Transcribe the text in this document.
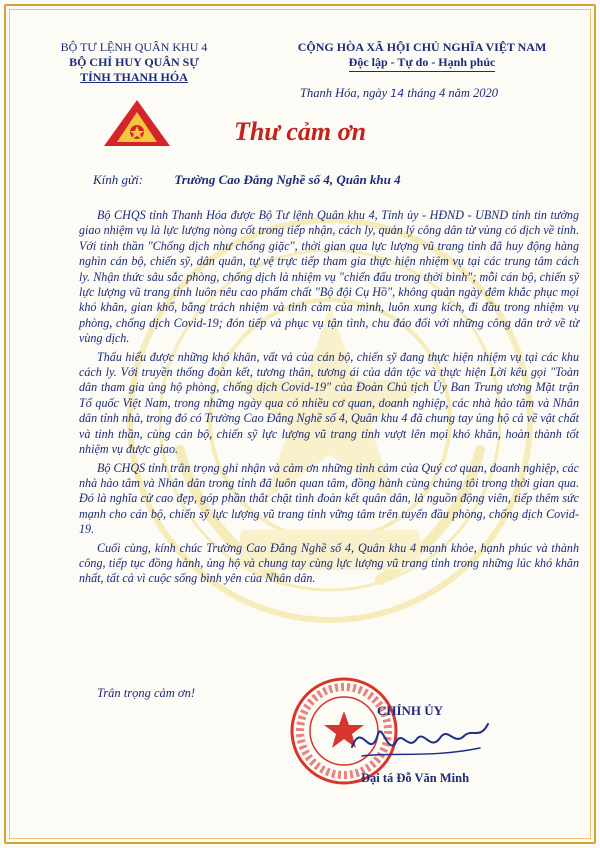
BỘ TƯ LỆNH QUÂN KHU 4
BỘ CHỈ HUY QUÂN SỰ
TỈNH THANH HÓA
CỘNG HÒA XÃ HỘI CHỦ NGHĨA VIỆT NAM
Độc lập - Tự do - Hạnh phúc
Thanh Hóa, ngày 14 tháng 4 năm 2020
Thư cảm ơn
Kính gửi: Trường Cao Đẳng Nghề số 4, Quân khu 4

Bộ CHQS tỉnh Thanh Hóa được Bộ Tư lệnh Quân khu 4, Tỉnh ủy - HĐND - UBND tỉnh tin tưởng giao nhiệm vụ là lực lượng nòng cốt trong tiếp nhận, cách ly, quản lý công dân từ vùng có dịch về tỉnh. Với tinh thần "Chống dịch như chống giặc", thời gian qua lực lượng vũ trang tỉnh đã huy động hàng nghìn cán bộ, chiến sỹ, dân quân, tự vệ trực tiếp tham gia thực hiện nhiệm vụ tại các trung tâm cách ly. Nhận thức sâu sắc phòng, chống dịch là nhiệm vụ "chiến đấu trong thời bình"; mỗi cán bộ, chiến sỹ lực lượng vũ trang tỉnh luôn nêu cao phẩm chất "Bộ đội Cụ Hồ", không quản ngày đêm khắc phục mọi khó khăn, gian khổ, bằng trách nhiệm và tình cảm của mình, luôn xung kích, đi đầu trong nhiệm vụ phòng, chống dịch Covid-19; đón tiếp và phục vụ tận tình, chu đáo đối với những công dân trở về từ vùng dịch.

Thấu hiểu được những khó khăn, vất vả của cán bộ, chiến sỹ đang thực hiện nhiệm vụ tại các khu cách ly. Với truyền thống đoàn kết, tương thân, tương ái của dân tộc và thực hiện Lời kêu gọi "Toàn dân tham gia ủng hộ phòng, chống dịch Covid-19" của Đoàn Chủ tịch Ủy Ban Trung ương Mặt trận Tổ quốc Việt Nam, trong những ngày qua có nhiều cơ quan, doanh nghiệp, các nhà hảo tâm và Nhân dân tỉnh nhà, trong đó có Trường Cao Đẳng Nghề số 4, Quân khu 4 đã chung tay ủng hộ cả về vật chất và tinh thần, cùng cán bộ, chiến sỹ lực lượng vũ trang tỉnh vượt lên mọi khó khăn, hoàn thành tốt nhiệm vụ được giao.

Bộ CHQS tỉnh trân trọng ghi nhận và cảm ơn những tình cảm của Quý cơ quan, doanh nghiệp, các nhà hảo tâm và Nhân dân trong tỉnh đã luôn quan tâm, đồng hành cùng chúng tôi trong thời gian qua. Đó là nghĩa cử cao đẹp, góp phần thắt chặt tình đoàn kết quân dân, là nguồn động viên, tiếp thêm sức mạnh cho cán bộ, chiến sỹ lực lượng vũ trang tỉnh vững tâm trên tuyến đầu phòng, chống dịch Covid-19.

Cuối cùng, kính chúc Trường Cao Đẳng Nghề số 4, Quân khu 4 mạnh khỏe, hạnh phúc và thành công, tiếp tục đồng hành, ủng hộ và chung tay cùng lực lượng vũ trang tỉnh trong những lúc khó khăn nhất, tất cả vì cuộc sống bình yên của Nhân dân.

Trân trọng cảm ơn!
CHÍNH ỦY
Đại tá Đỗ Văn Minh
